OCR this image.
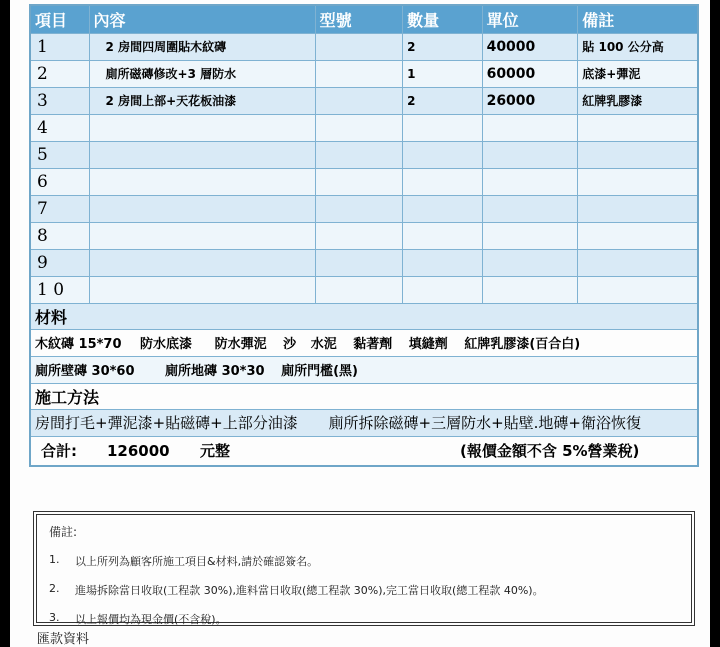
項目	內容	型號	數量	單位	備註
1	2 房間四周圍貼木紋磚		2	40000	貼 100 公分高
2	廁所磁磚修改+3 層防水		1	60000	底漆+彈泥
3	2 房間上部+天花板油漆		2	26000	紅牌乳膠漆
4					
5					
6					
7					
8					
9					
1 0					
材料					
木紋磚 15*70 防水底漆 防水彈泥 沙 水泥 黏著劑 填縫劑 紅牌乳膠漆(百合白)					
廁所壁磚 30*60 廁所地磚 30*30 廁所門檻(黑)					
施工方法					
房間打毛+彈泥漆+貼磁磚+上部分油漆 廁所拆除磁磚+三層防水+貼壁.地磚+衛浴恢復					

合計: 126000 元整 (報價金額不含 5%營業稅)					
備註:
1.	以上所列為顧客所施工項目&材料,請於確認簽名。
2.	進場拆除當日收取(工程款 30%),進料當日收取(總工程款 30%),完工當日收取(總工程款 40%)。
3.	以上報價均為現金價(不含稅)。
匯款資料
